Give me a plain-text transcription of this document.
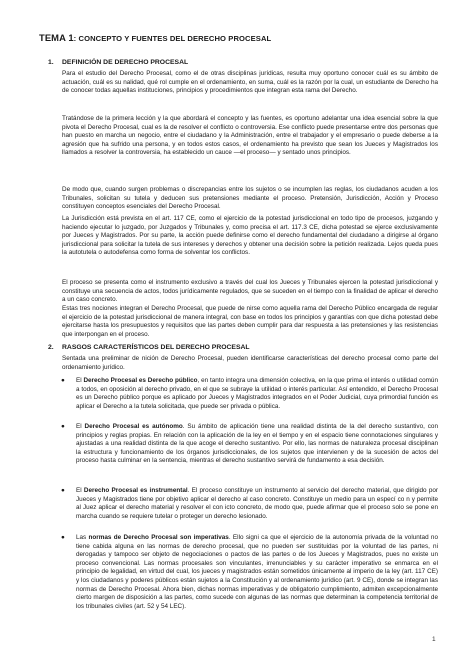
TEMA 1: CONCEPTO Y FUENTES DEL DERECHO PROCESAL
1. DEFINICIÓN DE DERECHO PROCESAL
Para el estudio del Derecho Procesal, como el de otras disciplinas jurídicas, resulta muy oportuno conocer cuál es su ámbito de actuación, cuál es su nalidad, qué rol cumple en el ordenamiento, en suma, cuál es la razón por la cual, un estudiante de Derecho ha de conocer todas aquellas instituciones, principios y procedimientos que integran esta rama del Derecho.
Tratándose de la primera lección y la que abordará el concepto y las fuentes, es oportuno adelantar una idea esencial sobre la que pivota el Derecho Procesal, cual es la de resolver el conflicto o controversia. Ese conflicto puede presentarse entre dos personas que han puesto en marcha un negocio, entre el ciudadano y la Administración, entre el trabajador y el empresario o puede deberse a la agresión que ha sufrido una persona, y en todos estos casos, el ordenamiento ha previsto que sean los Jueces y Magistrados los llamados a resolver la controversia, ha establecido un cauce —el proceso— y sentado unos principios.
De modo que, cuando surgen problemas o discrepancias entre los sujetos o se incumplen las reglas, los ciudadanos acuden a los Tribunales, solicitan su tutela y deducen sus pretensiones mediante el proceso. Pretensión, Jurisdicción, Acción y Proceso constituyen conceptos esenciales del Derecho Procesal.
La Jurisdicción está prevista en el art. 117 CE, como el ejercicio de la potestad jurisdiccional en todo tipo de procesos, juzgando y haciendo ejecutar lo juzgado, por Juzgados y Tribunales y, como precisa el art. 117.3 CE, dicha potestad se ejerce exclusivamente por Jueces y Magistrados. Por su parte, la acción puede definirse como el derecho fundamental del ciudadano a dirigirse al órgano jurisdiccional para solicitar la tutela de sus intereses y derechos y obtener una decisión sobre la petición realizada. Lejos queda pues la autotutela o autodefensa como forma de solventar los conflictos.
El proceso se presenta como el instrumento exclusivo a través del cual los Jueces y Tribunales ejercen la potestad jurisdiccional y constituye una secuencia de actos, todos jurídicamente regulados, que se suceden en el tiempo con la finalidad de aplicar el derecho a un caso concreto.
Estas tres nociones integran el Derecho Procesal, que puede de nirse como aquella rama del Derecho Público encargada de regular el ejercicio de la potestad jurisdiccional de manera integral, con base en todos los principios y garantías con que dicha potestad debe ejercitarse hasta los presupuestos y requisitos que las partes deben cumplir para dar respuesta a las pretensiones y las resistencias que interpongan en el proceso.
2. RASGOS CARACTERÍSTICOS DEL DERECHO PROCESAL
Sentada una preliminar de nición de Derecho Procesal, pueden identificarse características del derecho procesal como parte del ordenamiento jurídico.
● El Derecho Procesal es Derecho público, en tanto integra una dimensión colectiva, en la que prima el interés o utilidad común a todos, en oposición al derecho privado, en el que se subraye la utilidad o interés particular. Así entendido, el Derecho Procesal es un Derecho público porque es aplicado por Jueces y Magistrados integrados en el Poder Judicial, cuya primordial función es aplicar el Derecho a la tutela solicitada, que puede ser privada o pública.
● El Derecho Procesal es autónomo. Su ámbito de aplicación tiene una realidad distinta de la del derecho sustantivo, con principios y reglas propias. En relación con la aplicación de la ley en el tiempo y en el espacio tiene connotaciones singulares y ajustadas a una realidad distinta de la que acoge el derecho sustantivo. Por ello, las normas de naturaleza procesal disciplinan la estructura y funcionamiento de los órganos jurisdiccionales, de los sujetos que intervienen y de la sucesión de actos del proceso hasta culminar en la sentencia, mientras el derecho sustantivo servirá de fundamento a esa decisión.
● El Derecho Procesal es instrumental. El proceso constituye un instrumento al servicio del derecho material, que dirigido por Jueces y Magistrados tiene por objetivo aplicar el derecho al caso concreto. Constituye un medio para un especí co n y permite al Juez aplicar el derecho material y resolver el con icto concreto, de modo que, puede afirmar que el proceso solo se pone en marcha cuando se requiere tutelar o proteger un derecho lesionado.
● Las normas de Derecho Procesal son imperativas. Ello signi ca que el ejercicio de la autonomía privada de la voluntad no tiene cabida alguna en las normas de derecho procesal, que no pueden ser sustituidas por la voluntad de las partes, ni derogadas y tampoco ser objeto de negociaciones o pactos de las partes o de los Jueces y Magistrados, pues no existe un proceso convencional. Las normas procesales son vinculantes, irrenunciables y su carácter imperativo se enmarca en el principio de legalidad, en virtud del cual, los jueces y magistrados están sometidos únicamente al imperio de la ley (art. 117 CE) y los ciudadanos y poderes públicos están sujetos a la Constitución y al ordenamiento jurídico (art. 9 CE), donde se integran las normas de Derecho Procesal. Ahora bien, dichas normas imperativas y de obligatorio cumplimiento, admiten excepcionalmente cierto margen de disposición a las partes, como sucede con algunas de las normas que determinan la competencia territorial de los tribunales civiles (art. 52 y 54 LEC).
1
